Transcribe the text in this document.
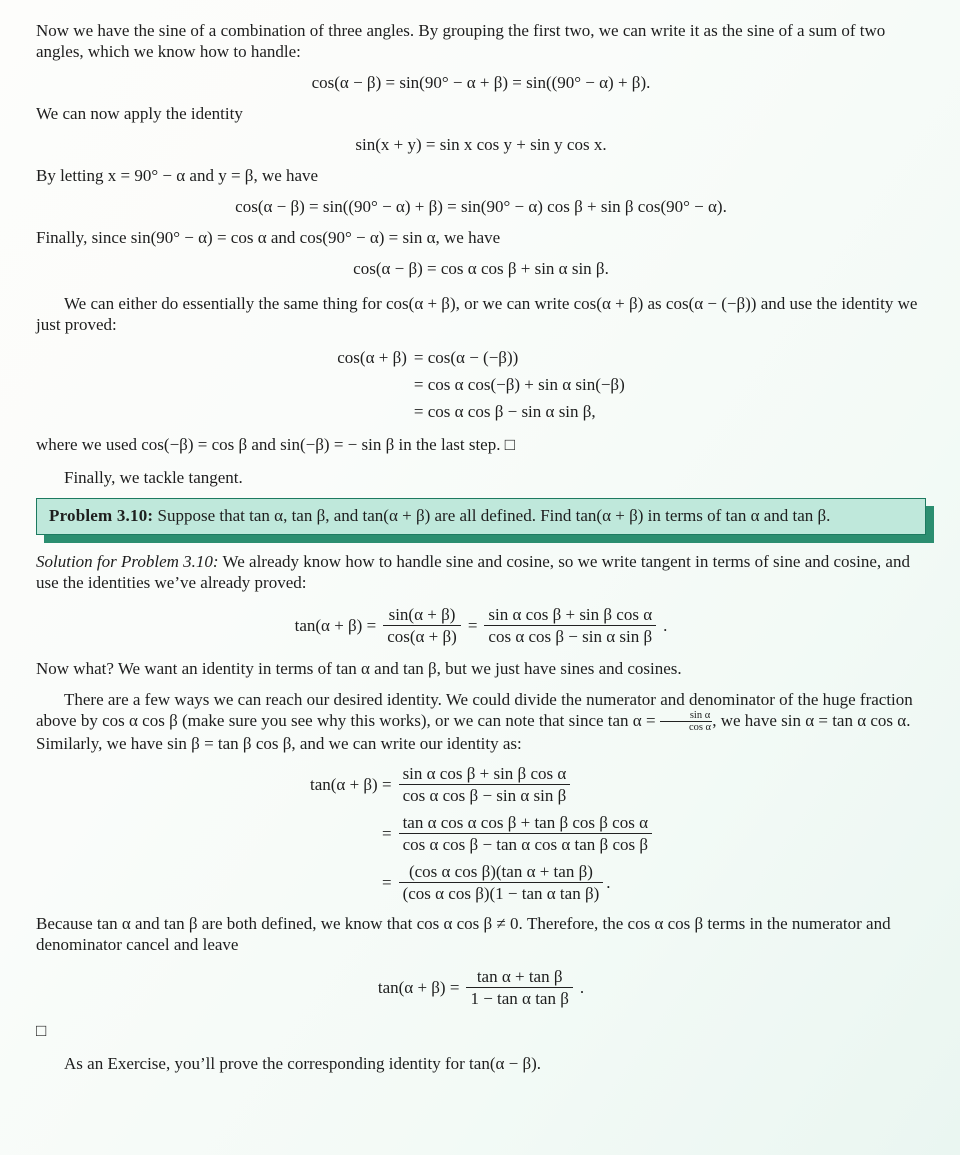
Now we have the sine of a combination of three angles. By grouping the first two, we can write it as the sine of a sum of two angles, which we know how to handle:

cos(α − β) = sin(90° − α + β) = sin((90° − α) + β).

We can now apply the identity

sin(x + y) = sin x cos y + sin y cos x.

By letting x = 90° − α and y = β, we have

cos(α − β) = sin((90° − α) + β) = sin(90° − α) cos β + sin β cos(90° − α).

Finally, since sin(90° − α) = cos α and cos(90° − α) = sin α, we have

cos(α − β) = cos α cos β + sin α sin β.

We can either do essentially the same thing for cos(α + β), or we can write cos(α + β) as cos(α − (−β)) and use the identity we just proved:

cos(α + β) = cos(α − (−β))
= cos α cos(−β) + sin α sin(−β)
= cos α cos β − sin α sin β,

where we used cos(−β) = cos β and sin(−β) = − sin β in the last step. □

Finally, we tackle tangent.

Problem 3.10: Suppose that tan α, tan β, and tan(α + β) are all defined. Find tan(α + β) in terms of tan α and tan β.

Solution for Problem 3.10: We already know how to handle sine and cosine, so we write tangent in terms of sine and cosine, and use the identities we’ve already proved:

$\tan(\alpha + \beta) = \frac{\sin(\alpha + \beta)}{\cos(\alpha + \beta)} = \frac{\text{sin α cos β + sin β cos α}}{\text{cos α cos β − sin α sin β}}$ .

Now what? We want an identity in terms of tan α and tan β, but we just have sines and cosines.

There are a few ways we can reach our desired identity. We could divide the numerator and denominator of the huge fraction above by cos α cos β (make sure you see why this works), or we can note that since $\tan \alpha = \frac{\text{sin α}}{\text{cos α}}$ , we have sin α = tan α cos α. Similarly, we have sin β = tan β cos β, and we can write our identity as:

$\tan(\alpha + \beta) = \frac{\text{sin α cos β + sin β cos α}}{\text{cos α cos β − sin α sin β}}$
= $\frac{\text{tan α cos α cos β + tan β cos β cos α}}{\text{cos α cos β − tan α cos α tan β cos β}}$
= $\frac{\text{(cos α cos β)(tan α + tan β)}}{\text{(cos α cos β)(1 − tan α tan β)}}$ .

Because tan α and tan β are both defined, we know that cos α cos β ≠ 0. Therefore, the cos α cos β terms in the numerator and denominator cancel and leave

$\tan(\alpha + \beta) = \frac{\text{tan α + tan β}}{\text{1 − tan α tan β}}$ .

□

As an Exercise, you’ll prove the corresponding identity for tan(α − β).
